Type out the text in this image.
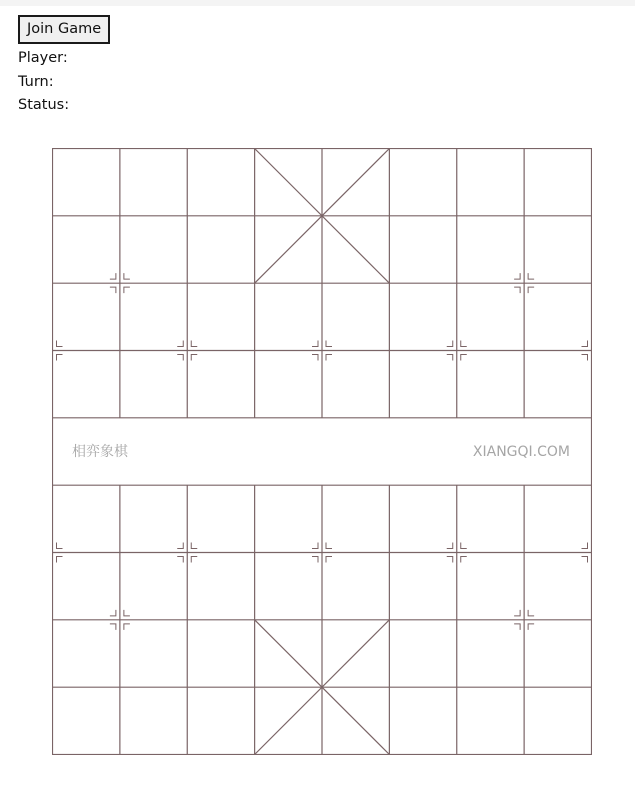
Join Game
Player:
Turn:
Status:
相弈象棋	XIANGQI.COM
